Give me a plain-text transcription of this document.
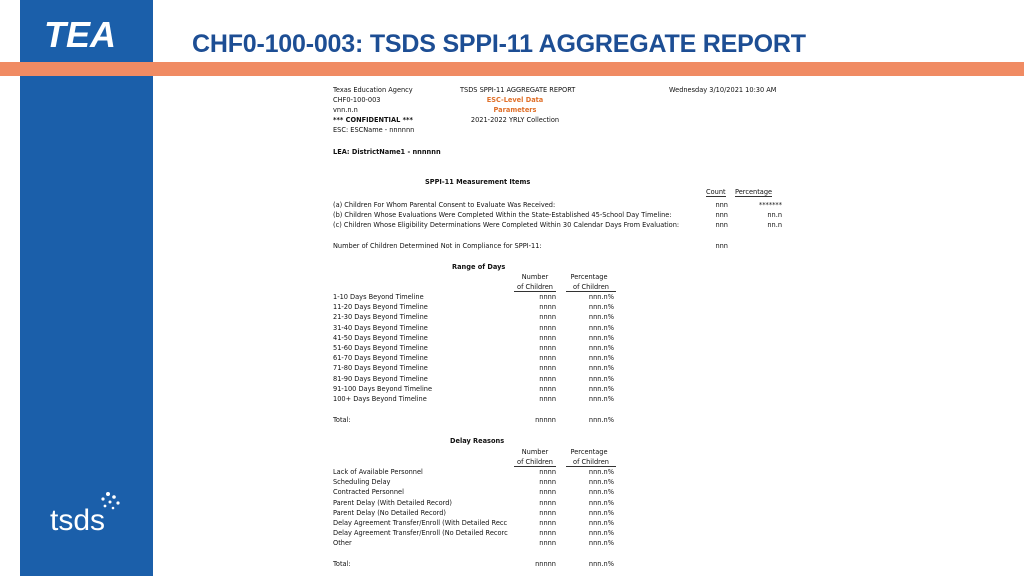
TEA
tsds
CHF0-100-003: TSDS SPPI-11 AGGREGATE REPORT
Texas Education Agency
CHF0-100-003
vnn.n.n
*** CONFIDENTIAL ***
ESC: ESCName - nnnnnn
TSDS SPPI-11 AGGREGATE REPORT
ESC-Level Data
Parameters
2021-2022 YRLY Collection
Wednesday 3/10/2021 10:30 AM
LEA: DistrictName1 - nnnnnn
SPPI-11 Measurement Items
Count Percentage
(a) Children For Whom Parental Consent to Evaluate Was Received:	nnn	*******
(b) Children Whose Evaluations Were Completed Within the State-Established 45-School Day Timeline:	nnn	nn.n
(c) Children Whose Eligibility Determinations Were Completed Within 30 Calendar Days From Evaluation:	nnn	nn.n
Number of Children Determined Not in Compliance for SPPI-11:	nnn
Range of Days
Number	Percentage
of Children	of Children
1-10 Days Beyond Timeline	nnnn	nnn.n%
11-20 Days Beyond Timeline	nnnn	nnn.n%
21-30 Days Beyond Timeline	nnnn	nnn.n%
31-40 Days Beyond Timeline	nnnn	nnn.n%
41-50 Days Beyond Timeline	nnnn	nnn.n%
51-60 Days Beyond Timeline	nnnn	nnn.n%
61-70 Days Beyond Timeline	nnnn	nnn.n%
71-80 Days Beyond Timeline	nnnn	nnn.n%
81-90 Days Beyond Timeline	nnnn	nnn.n%
91-100 Days Beyond Timeline	nnnn	nnn.n%
100+ Days Beyond Timeline	nnnn	nnn.n%
Total:	nnnnn	nnn.n%
Delay Reasons
Number	Percentage
of Children	of Children
Lack of Available Personnel	nnnn	nnn.n%
Scheduling Delay	nnnn	nnn.n%
Contracted Personnel	nnnn	nnn.n%
Parent Delay (With Detailed Record)	nnnn	nnn.n%
Parent Delay (No Detailed Record)	nnnn	nnn.n%
Delay Agreement Transfer/Enroll (With Detailed Recc	nnnn	nnn.n%
Delay Agreement Transfer/Enroll (No Detailed Recorc	nnnn	nnn.n%
Other	nnnn	nnn.n%
Total:	nnnnn	nnn.n%
